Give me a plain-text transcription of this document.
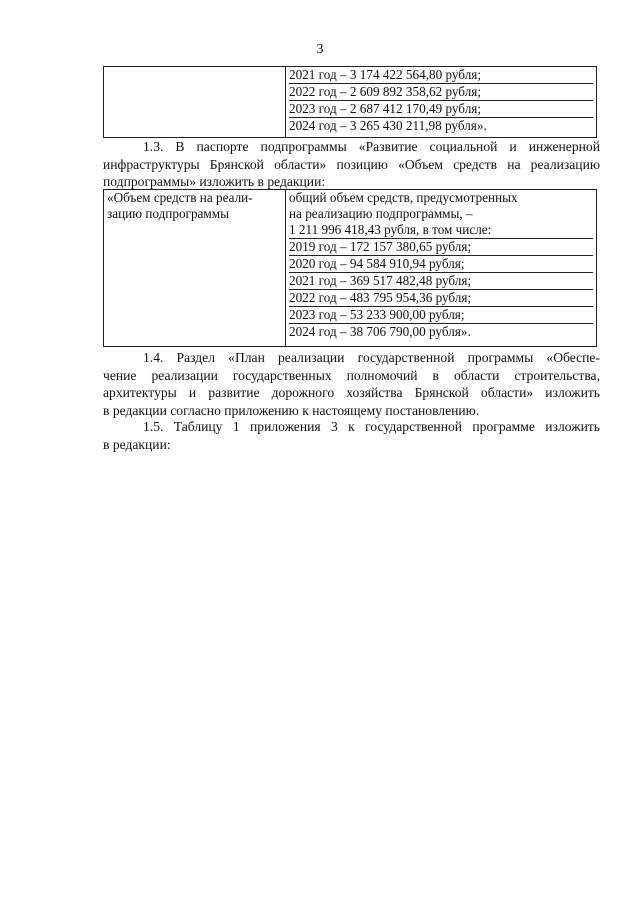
3

2021 год – 3 174 422 564,80 рубля;
2022 год – 2 609 892 358,62 рубля;
2023 год – 2 687 412 170,49 рубля;
2024 год – 3 265 430 211,98 рубля».
1.3. В паспорте подпрограммы «Развитие социальной и инженерной
инфраструктуры Брянской области» позицию «Объем средств на реализацию
подпрограммы» изложить в редакции:
«Объем средств на реали-
зацию подпрограммы

общий объем средств, предусмотренных
на реализацию подпрограммы, –
1 211 996 418,43 рубля, в том числе:
2019 год – 172 157 380,65 рубля;
2020 год – 94 584 910,94 рубля;
2021 год – 369 517 482,48 рубля;
2022 год – 483 795 954,36 рубля;
2023 год – 53 233 900,00 рубля;
2024 год – 38 706 790,00 рубля».
1.4. Раздел «План реализации государственной программы «Обеспе-
чение реализации государственных полномочий в области строительства,
архитектуры и развитие дорожного хозяйства Брянской области» изложить
в редакции согласно приложению к настоящему постановлению.
1.5. Таблицу 1 приложения 3 к государственной программе изложить
в редакции:
